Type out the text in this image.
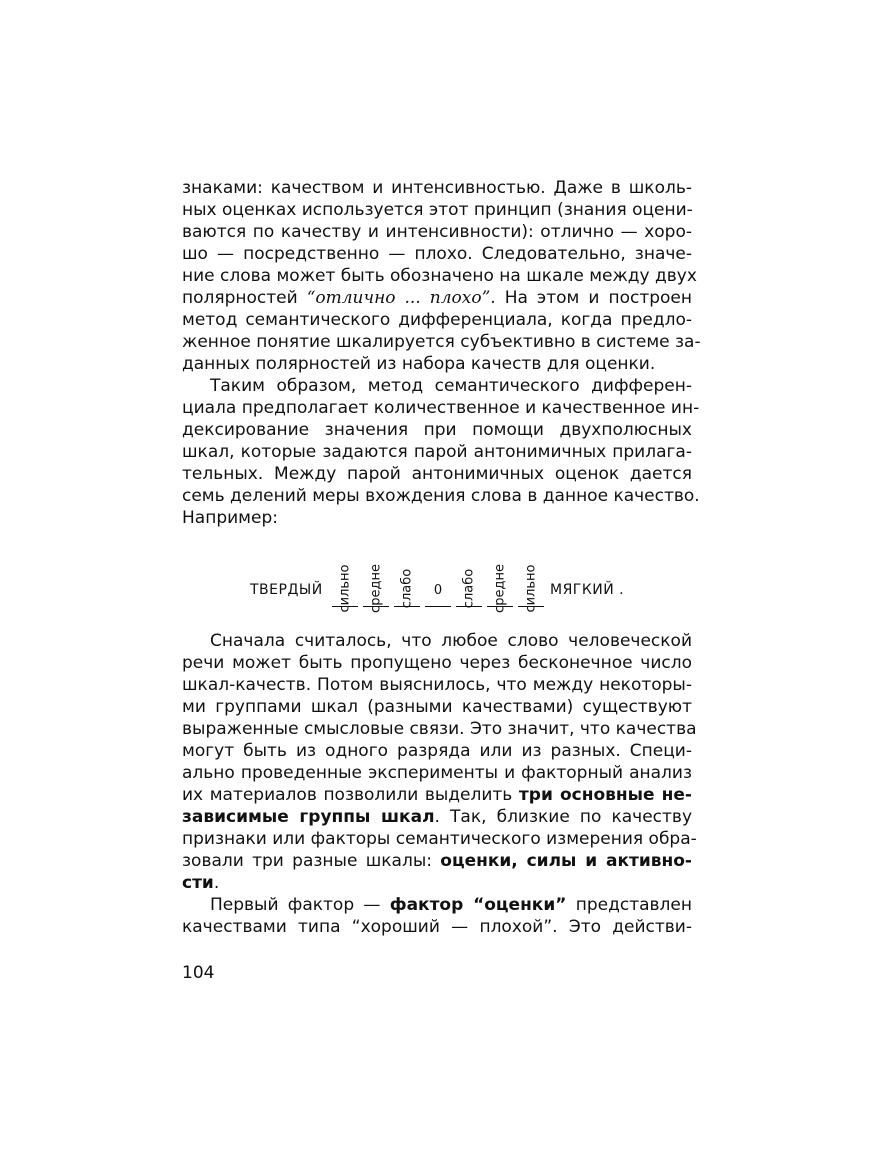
знаками: качеством и интенсивностью. Даже в школь-
ных оценках используется этот принцип (знания оцени-
ваются по качеству и интенсивности): отлично — хоро-
шо — посредственно — плохо. Следовательно, значе-
ние слова может быть обозначено на шкале между двух
полярностей “отлично ... плохо”. На этом и построен
метод семантического дифференциала, когда предло-
женное понятие шкалируется субъективно в системе за-
данных полярностей из набора качеств для оценки.
Таким образом, метод семантического дифферен-
циала предполагает количественное и качественное ин-
дексирование значения при помощи двухполюсных
шкал, которые задаются парой антонимичных прилага-
тельных. Между парой антонимичных оценок дается
семь делений меры вхождения слова в данное качество.
Например:
ТВЕРДЫЙ сильно средне слабо 0 слабо средне сильно МЯГКИЙ .
Сначала считалось, что любое слово человеческой
речи может быть пропущено через бесконечное число
шкал-качеств. Потом выяснилось, что между некоторы-
ми группами шкал (разными качествами) существуют
выраженные смысловые связи. Это значит, что качества
могут быть из одного разряда или из разных. Специ-
ально проведенные эксперименты и факторный анализ
их материалов позволили выделить три основные не-
зависимые группы шкал. Так, близкие по качеству
признаки или факторы семантического измерения обра-
зовали три разные шкалы: оценки, силы и активно-
сти.
Первый фактор — фактор “оценки” представлен
качествами типа “хороший — плохой”. Это действи-
104
